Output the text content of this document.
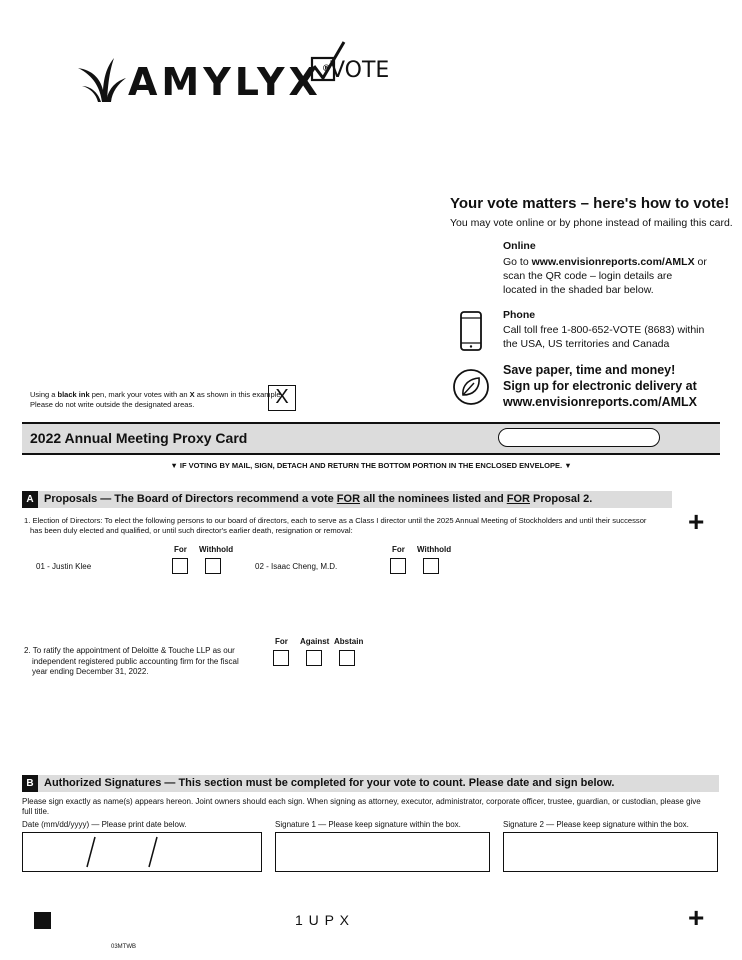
AMYLYX® VOTE
Your vote matters – here's how to vote!
You may vote online or by phone instead of mailing this card.
Online
Go to www.envisionreports.com/AMLX or
scan the QR code – login details are
located in the shaded bar below.
Phone
Call toll free 1-800-652-VOTE (8683) within
the USA, US territories and Canada
Save paper, time and money!
Sign up for electronic delivery at
www.envisionreports.com/AMLX
Using a black ink pen, mark your votes with an X as shown in this example.
Please do not write outside the designated areas.	X
2022 Annual Meeting Proxy Card
▼ IF VOTING BY MAIL, SIGN, DETACH AND RETURN THE BOTTOM PORTION IN THE ENCLOSED ENVELOPE. ▼
A Proposals — The Board of Directors recommend a vote FOR all the nominees listed and FOR Proposal 2.
1. Election of Directors: To elect the following persons to our board of directors, each to serve as a Class I director until the 2025 Annual Meeting of Stockholders and until their successor
has been duly elected and qualified, or until such director's earlier death, resignation or removal:	+
For Withhold
01 - Justin Klee
For Withhold
02 - Isaac Cheng, M.D.
2. To ratify the appointment of Deloitte & Touche LLP as our
independent registered public accounting firm for the fiscal
year ending December 31, 2022.
For Against Abstain
B Authorized Signatures — This section must be completed for your vote to count. Please date and sign below.
Please sign exactly as name(s) appears hereon. Joint owners should each sign. When signing as attorney, executor, administrator, corporate officer, trustee, guardian, or custodian, please give
full title.
Date (mm/dd/yyyy) — Please print date below.	Signature 1 — Please keep signature within the box.	Signature 2 — Please keep signature within the box.
1 U P X	+
03MTWB
